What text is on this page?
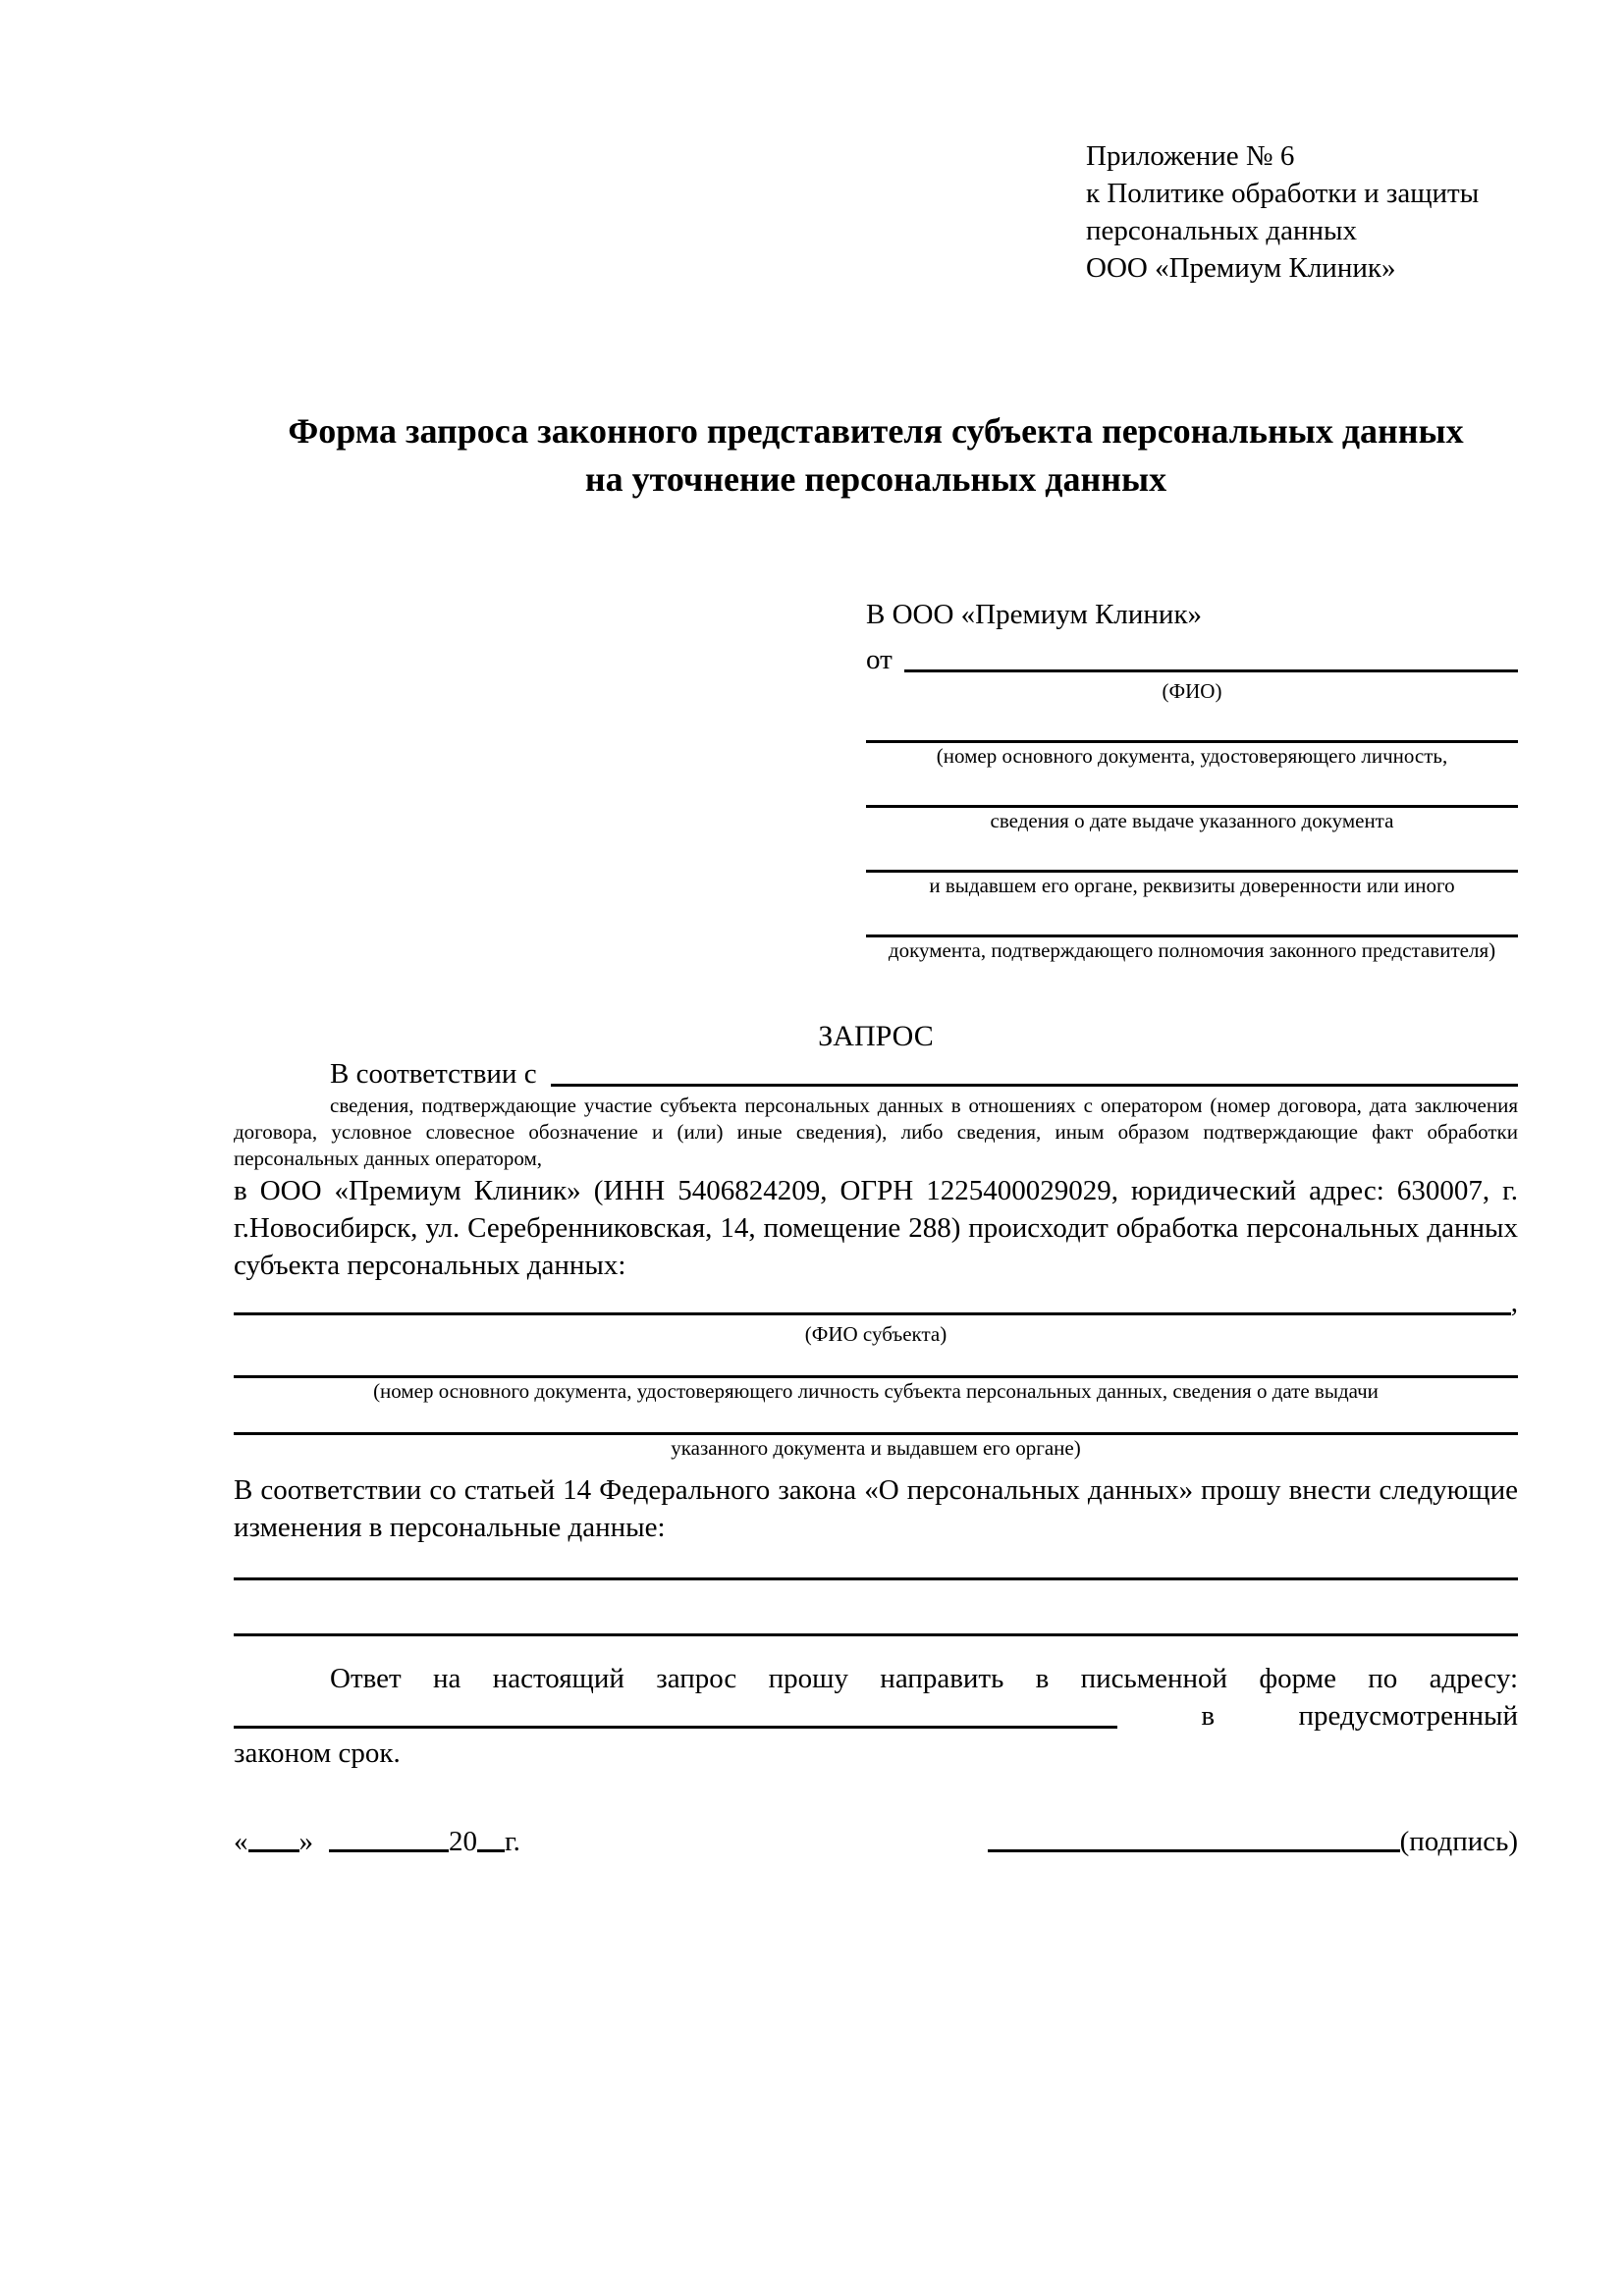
Приложение № 6
к Политике обработки и защиты
персональных данных
ООО «Премиум Клиник»
Форма запроса законного представителя субъекта персональных данных
на уточнение персональных данных
В ООО «Премиум Клиник»
от
(ФИО)
(номер основного документа, удостоверяющего личность,
сведения о дате выдаче указанного документа
и выдавшем его органе, реквизиты доверенности или иного
документа, подтверждающего полномочия законного представителя)
ЗАПРОС
В соответствии с

сведения, подтверждающие участие субъекта персональных данных в отношениях с оператором (номер договора, дата заключения договора, условное словесное обозначение и (или) иные сведения), либо сведения, иным образом подтверждающие факт обработки персональных данных оператором,

в ООО «Премиум Клиник» (ИНН 5406824209, ОГРН 1225400029029, юридический адрес: 630007, г. г.Новосибирск, ул. Серебренниковская, 14, помещение 288) происходит обработка персональных данных субъекта персональных данных:

,
(ФИО субъекта)
(номер основного документа, удостоверяющего личность субъекта персональных данных, сведения о дате выдачи
указанного документа и выдавшем его органе)

В соответствии со статьей 14 Федерального закона «О персональных данных» прошу внести следующие изменения в персональные данные:

Ответ на настоящий запрос прошу направить в письменной форме по адресу:

в	предусмотренный
законом срок.
« »	20 г.	(подпись)
